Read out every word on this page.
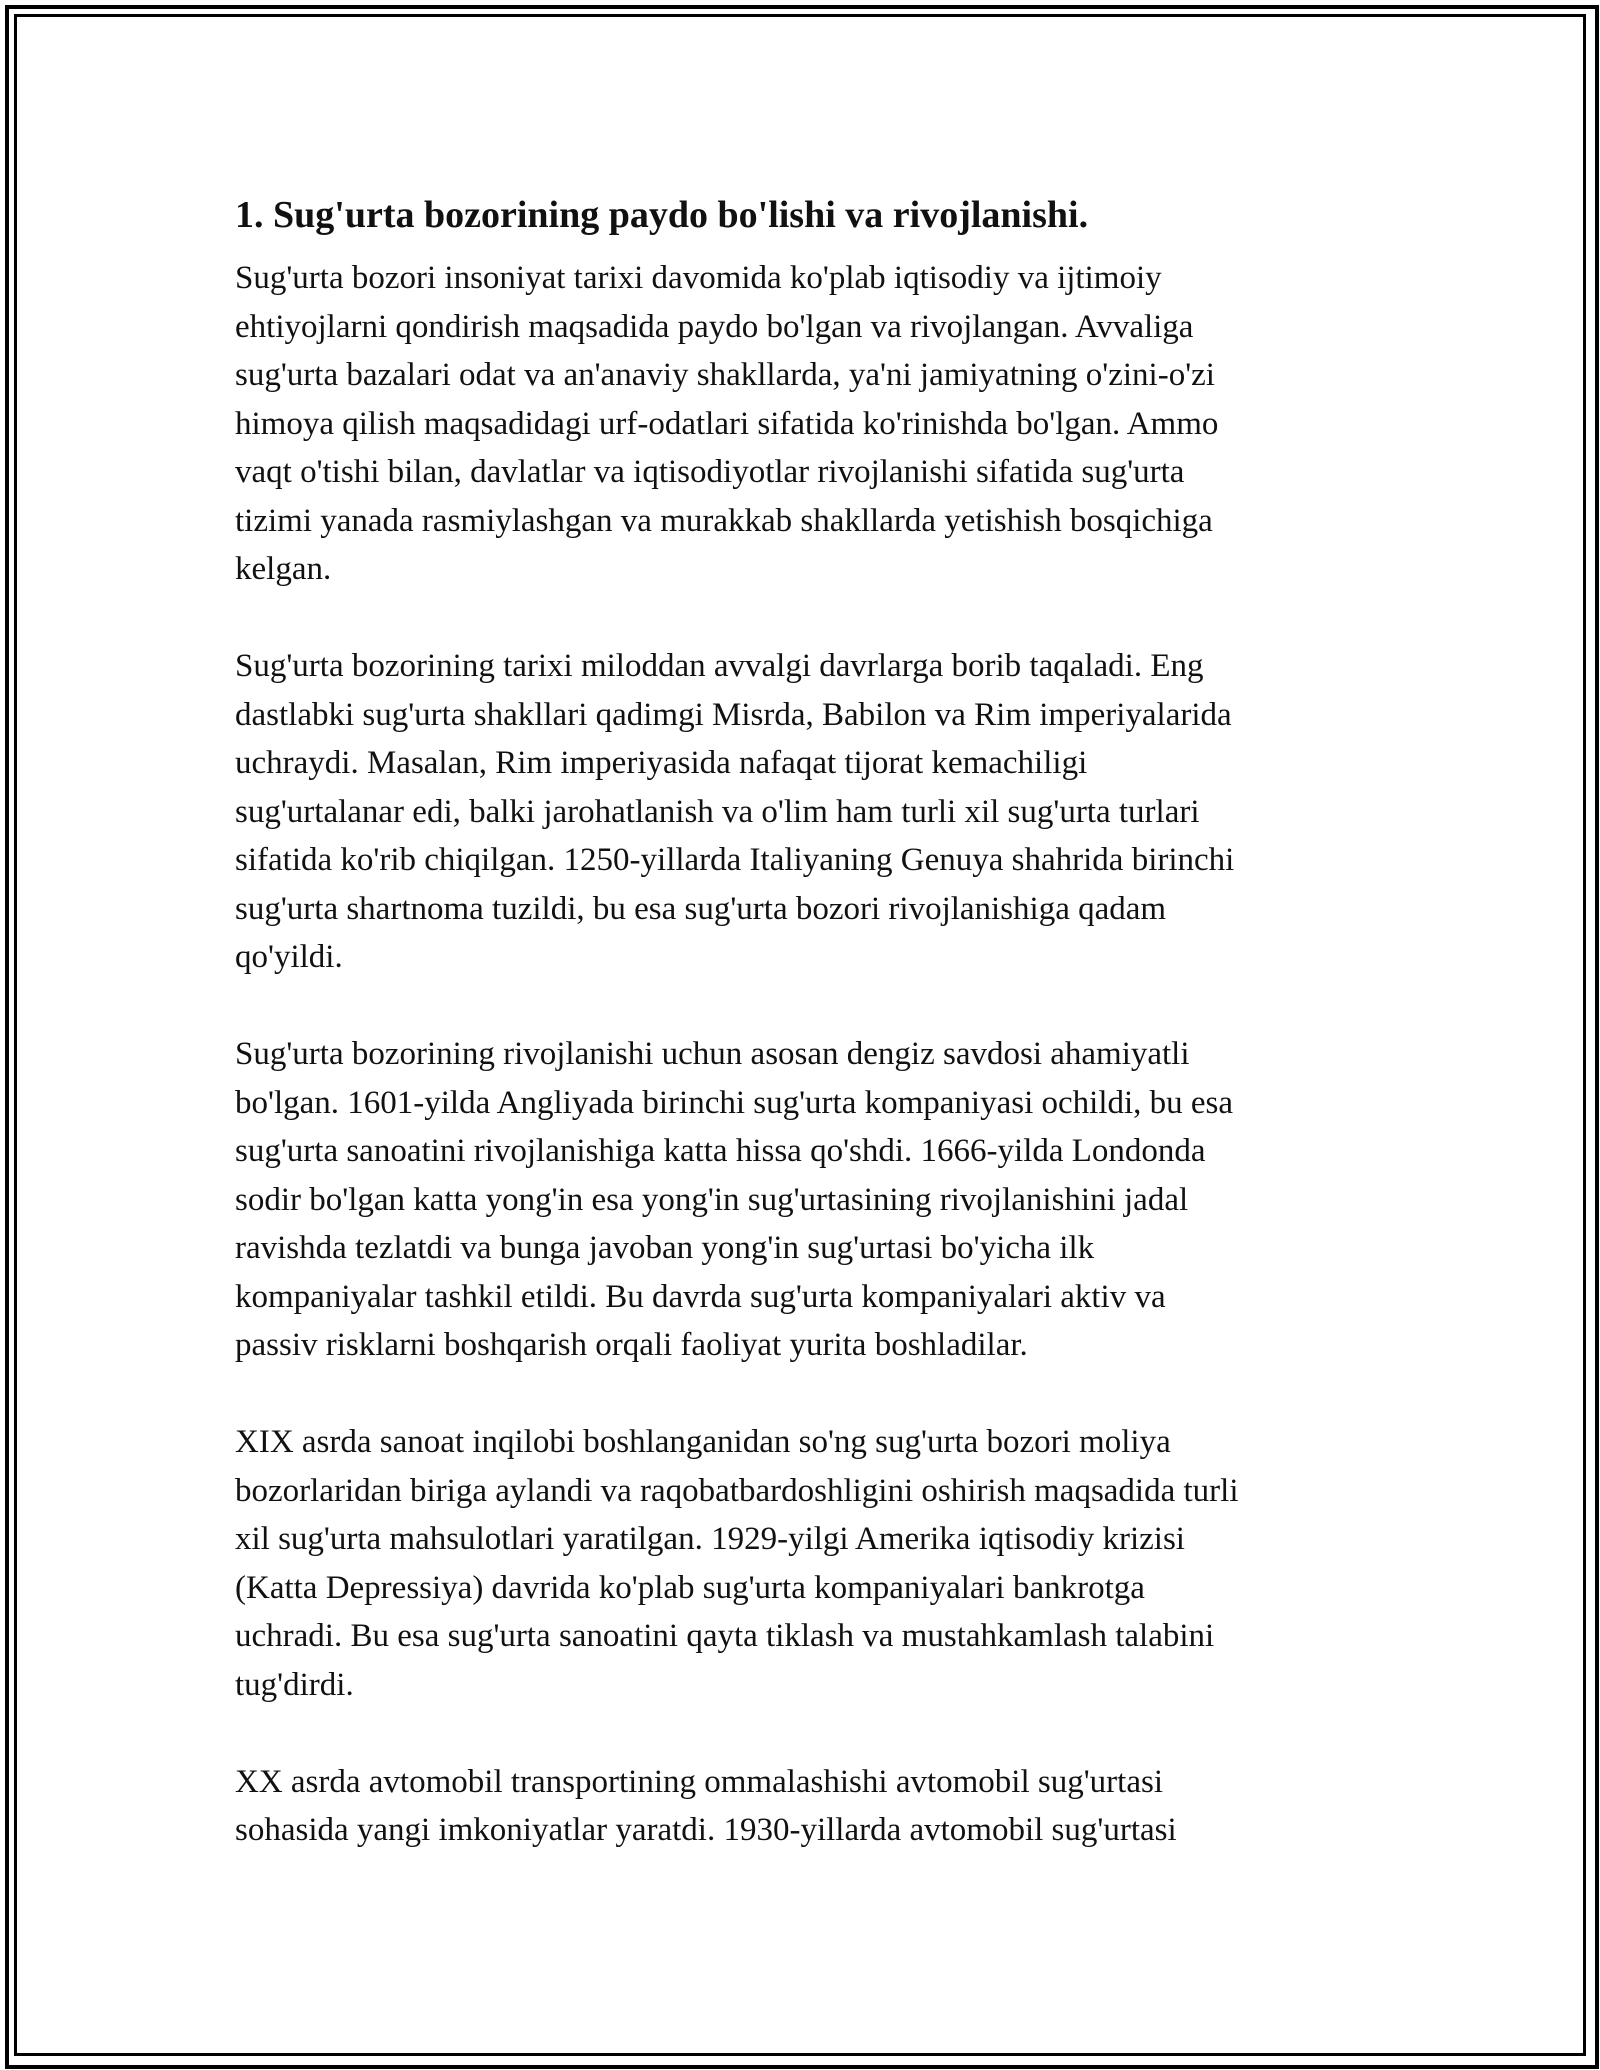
1. Sug'urta bozorining paydo bo'lishi va rivojlanishi.

Sug'urta bozori insoniyat tarixi davomida ko'plab iqtisodiy va ijtimoiy
ehtiyojlarni qondirish maqsadida paydo bo'lgan va rivojlangan. Avvaliga
sug'urta bazalari odat va an'anaviy shakllarda, ya'ni jamiyatning o'zini-o'zi
himoya qilish maqsadidagi urf-odatlari sifatida ko'rinishda bo'lgan. Ammo
vaqt o'tishi bilan, davlatlar va iqtisodiyotlar rivojlanishi sifatida sug'urta
tizimi yanada rasmiylashgan va murakkab shakllarda yetishish bosqichiga
kelgan.

Sug'urta bozorining tarixi miloddan avvalgi davrlarga borib taqaladi. Eng
dastlabki sug'urta shakllari qadimgi Misrda, Babilon va Rim imperiyalarida
uchraydi. Masalan, Rim imperiyasida nafaqat tijorat kemachiligi
sug'urtalanar edi, balki jarohatlanish va o'lim ham turli xil sug'urta turlari
sifatida ko'rib chiqilgan. 1250-yillarda Italiyaning Genuya shahrida birinchi
sug'urta shartnoma tuzildi, bu esa sug'urta bozori rivojlanishiga qadam
qo'yildi.

Sug'urta bozorining rivojlanishi uchun asosan dengiz savdosi ahamiyatli
bo'lgan. 1601-yilda Angliyada birinchi sug'urta kompaniyasi ochildi, bu esa
sug'urta sanoatini rivojlanishiga katta hissa qo'shdi. 1666-yilda Londonda
sodir bo'lgan katta yong'in esa yong'in sug'urtasining rivojlanishini jadal
ravishda tezlatdi va bunga javoban yong'in sug'urtasi bo'yicha ilk
kompaniyalar tashkil etildi. Bu davrda sug'urta kompaniyalari aktiv va
passiv risklarni boshqarish orqali faoliyat yurita boshladilar.

XIX asrda sanoat inqilobi boshlanganidan so'ng sug'urta bozori moliya
bozorlaridan biriga aylandi va raqobatbardoshligini oshirish maqsadida turli
xil sug'urta mahsulotlari yaratilgan. 1929-yilgi Amerika iqtisodiy krizisi
(Katta Depressiya) davrida ko'plab sug'urta kompaniyalari bankrotga
uchradi. Bu esa sug'urta sanoatini qayta tiklash va mustahkamlash talabini
tug'dirdi.

XX asrda avtomobil transportining ommalashishi avtomobil sug'urtasi
sohasida yangi imkoniyatlar yaratdi. 1930-yillarda avtomobil sug'urtasi
